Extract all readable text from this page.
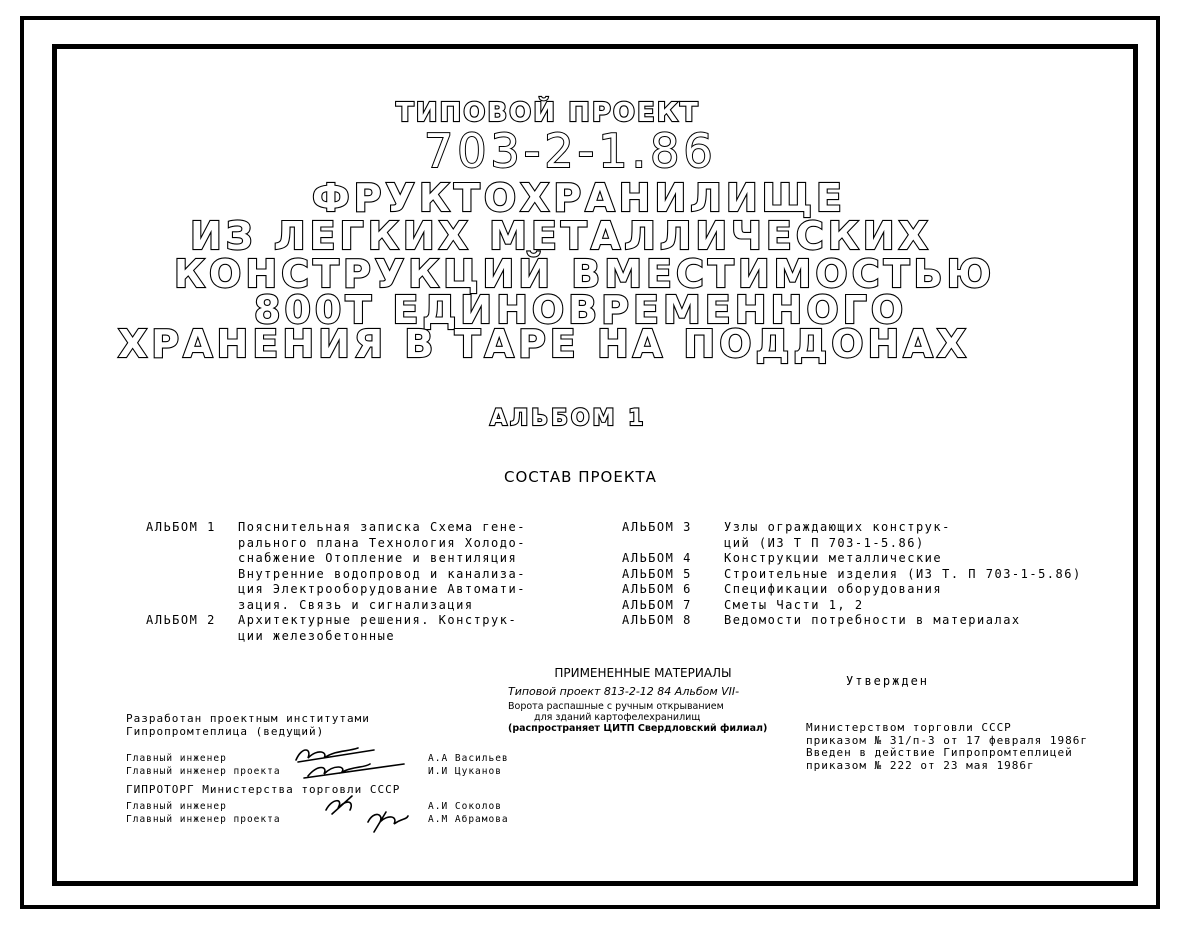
ТИПОВОЙ ПРОЕКТ
703-2-1.86
ФРУКТОХРАНИЛИЩЕ
ИЗ ЛЕГКИХ МЕТАЛЛИЧЕСКИХ
КОНСТРУКЦИЙ ВМЕСТИМОСТЬЮ
800Т ЕДИНОВРЕМЕННОГО
ХРАНЕНИЯ В ТАРЕ НА ПОДДОНАХ
АЛЬБОМ 1
СОСТАВ ПРОЕКТА
АЛЬБОМ 1	Пояснительная записка Схема гене-
рального плана Технология Холодо-
снабжение Отопление и вентиляция
Внутренние водопровод и канализа-
ция Электрооборудование Автомати-
зация. Связь и сигнализация
АЛЬБОМ 2	Архитектурные решения. Конструк-
ции железобетонные
АЛЬБОМ 3	Узлы ограждающих конструк-
ций (ИЗ Т П 703-1-5.86)
АЛЬБОМ 4	Конструкции металлические
АЛЬБОМ 5	Строительные изделия (ИЗ Т. П 703-1-5.86)
АЛЬБОМ 6	Спецификации оборудования
АЛЬБОМ 7	Сметы Части 1, 2
АЛЬБОМ 8	Ведомости потребности в материалах
ПРИМЕНЕННЫЕ МАТЕРИАЛЫ
Типовой проект 813-2-12 84 Альбом VII-
Ворота распашные с ручным открыванием
для зданий картофелехранилищ
(распространяет ЦИТП Свердловский филиал)
Разработан проектным институтами
Гипропромтеплица (ведущий)
Главный инженер	А.А Васильев
Главный инженер проекта	И.И Цуканов
ГИПРОТОРГ Министерства торговли СССР
Главный инженер	А.И Соколов
Главный инженер проекта	А.М Абрамова
Утвержден
Министерством торговли СССР
приказом № 31/п-3 от 17 февраля 1986г
Введен в действие Гипропромтеплицей
приказом № 222 от 23 мая 1986г
